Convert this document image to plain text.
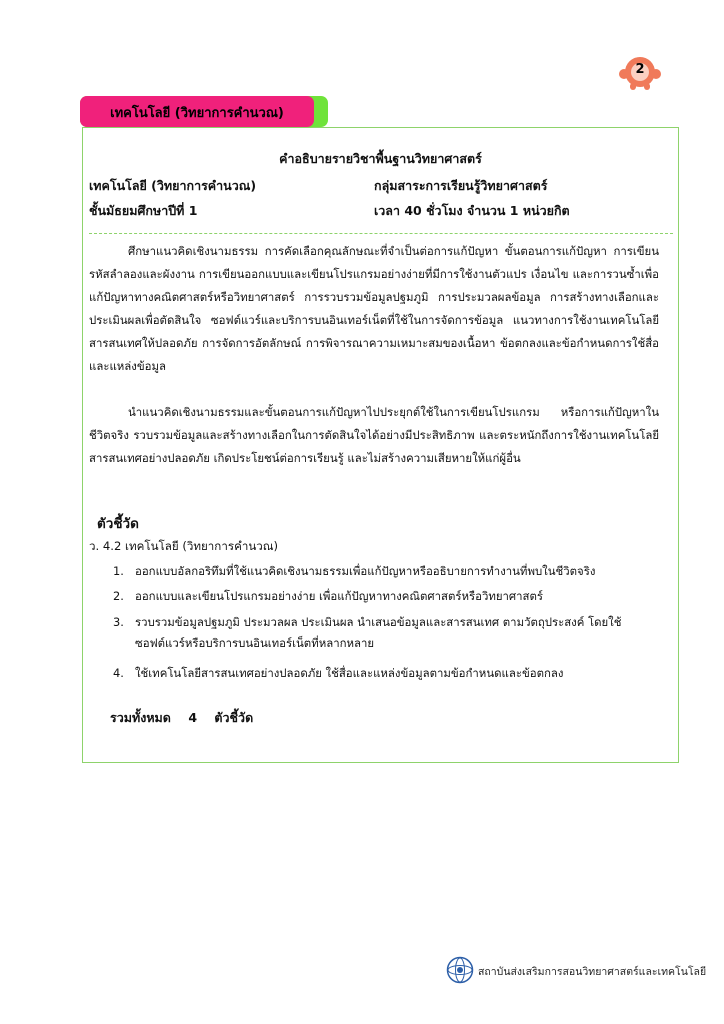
2
เทคโนโลยี (วิทยาการคำนวณ)
คำอธิบายรายวิชาพื้นฐานวิทยาศาสตร์
เทคโนโลยี (วิทยาการคำนวณ)	กลุ่มสาระการเรียนรู้วิทยาศาสตร์
ชั้นมัธยมศึกษาปีที่ 1	เวลา 40 ชั่วโมง จำนวน 1 หน่วยกิต

ศึกษาแนวคิดเชิงนามธรรม การคัดเลือกคุณลักษณะที่จำเป็นต่อการแก้ปัญหา ขั้นตอนการแก้ปัญหา การเขียนรหัสลำลองและผังงาน การเขียนออกแบบและเขียนโปรแกรมอย่างง่ายที่มีการใช้งานตัวแปร เงื่อนไข และการวนซ้ำเพื่อแก้ปัญหาทางคณิตศาสตร์หรือวิทยาศาสตร์ การรวบรวมข้อมูลปฐมภูมิ การประมวลผลข้อมูล การสร้างทางเลือกและประเมินผลเพื่อตัดสินใจ ซอฟต์แวร์และบริการบนอินเทอร์เน็ตที่ใช้ในการจัดการข้อมูล แนวทางการใช้งานเทคโนโลยีสารสนเทศให้ปลอดภัย การจัดการอัตลักษณ์ การพิจารณาความเหมาะสมของเนื้อหา ข้อตกลงและข้อกำหนดการใช้สื่อและแหล่งข้อมูล

นำแนวคิดเชิงนามธรรมและขั้นตอนการแก้ปัญหาไปประยุกต์ใช้ในการเขียนโปรแกรม หรือการแก้ปัญหาในชีวิตจริง รวบรวมข้อมูลและสร้างทางเลือกในการตัดสินใจได้อย่างมีประสิทธิภาพ และตระหนักถึงการใช้งานเทคโนโลยีสารสนเทศอย่างปลอดภัย เกิดประโยชน์ต่อการเรียนรู้ และไม่สร้างความเสียหายให้แก่ผู้อื่น

ตัวชี้วัด
ว. 4.2 เทคโนโลยี (วิทยาการคำนวณ)
1. ออกแบบอัลกอริทึมที่ใช้แนวคิดเชิงนามธรรมเพื่อแก้ปัญหาหรืออธิบายการทำงานที่พบในชีวิตจริง
2. ออกแบบและเขียนโปรแกรมอย่างง่าย เพื่อแก้ปัญหาทางคณิตศาสตร์หรือวิทยาศาสตร์
3. รวบรวมข้อมูลปฐมภูมิ ประมวลผล ประเมินผล นำเสนอข้อมูลและสารสนเทศ ตามวัตถุประสงค์ โดยใช้ซอฟต์แวร์หรือบริการบนอินเทอร์เน็ตที่หลากหลาย
4. ใช้เทคโนโลยีสารสนเทศอย่างปลอดภัย ใช้สื่อและแหล่งข้อมูลตามข้อกำหนดและข้อตกลง
รวมทั้งหมด    4    ตัวชี้วัด
สถาบันส่งเสริมการสอนวิทยาศาสตร์และเทคโนโลยี
